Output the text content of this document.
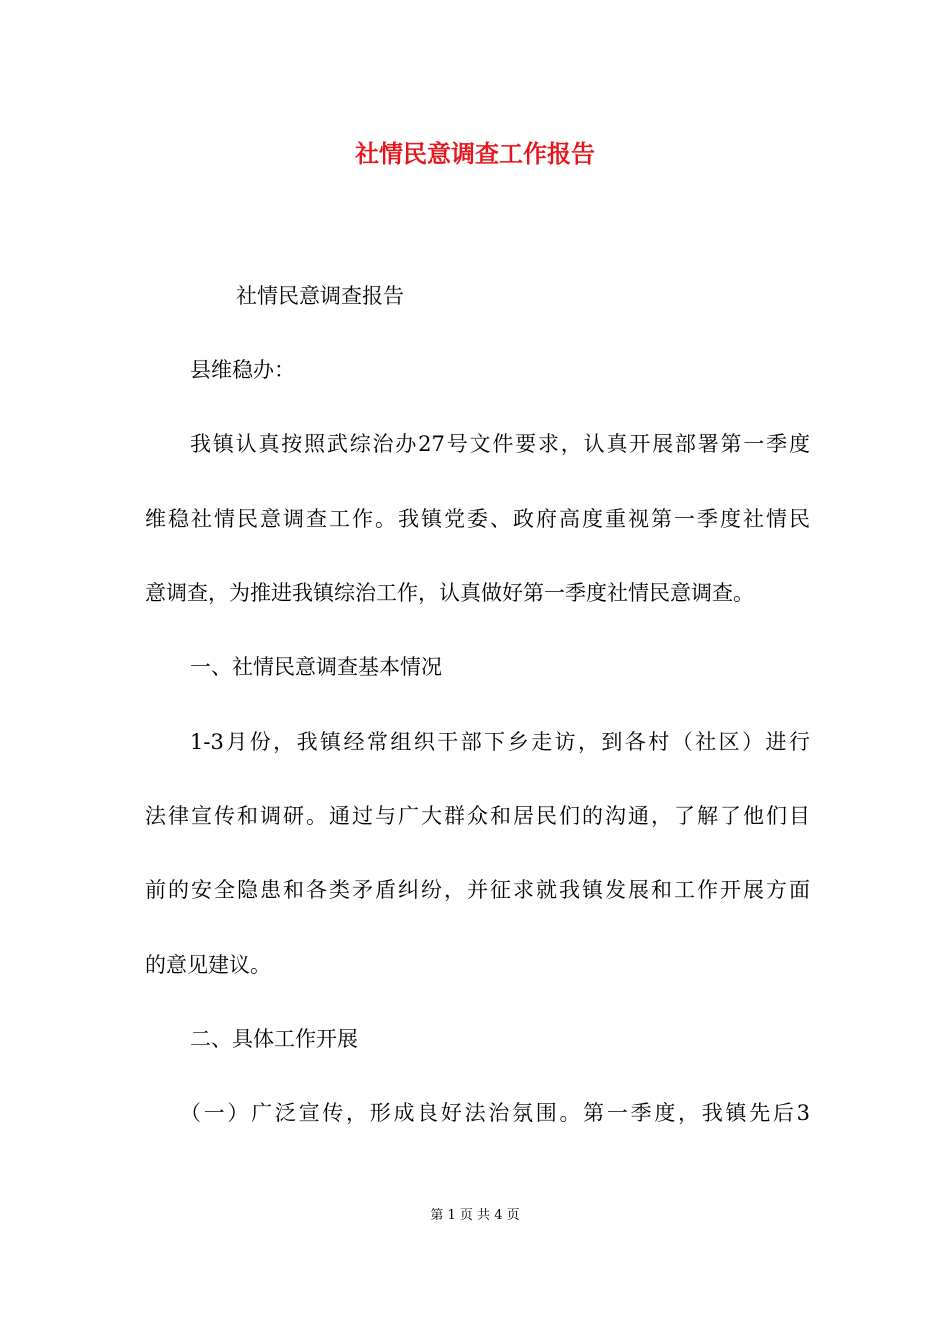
社情民意调查工作报告

社情民意调查报告

县维稳办：

我镇认真按照武综治办27号文件要求，认真开展部署第一季度

维稳社情民意调查工作。我镇党委、政府高度重视第一季度社情民

意调查，为推进我镇综治工作，认真做好第一季度社情民意调查。

一、社情民意调查基本情况

1-3月份，我镇经常组织干部下乡走访，到各村（社区）进行

法律宣传和调研。通过与广大群众和居民们的沟通，了解了他们目

前的安全隐患和各类矛盾纠纷，并征求就我镇发展和工作开展方面

的意见建议。

二、具体工作开展

（一）广泛宣传，形成良好法治氛围。第一季度，我镇先后3

第 1 页 共 4 页
